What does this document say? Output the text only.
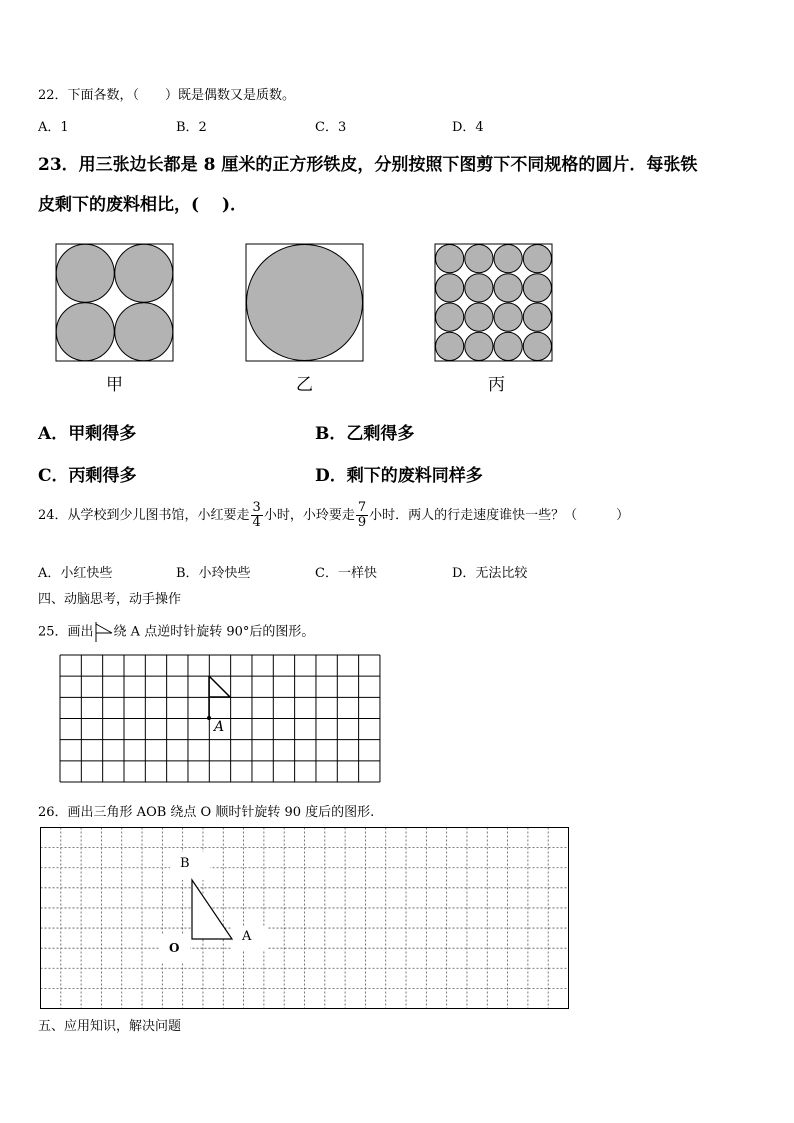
22．下面各数，（　　）既是偶数又是质数。
A．1	B．2	C．3	D．4
23．用三张边长都是 8 厘米的正方形铁皮，分别按照下图剪下不同规格的圆片．每张铁
皮剩下的废料相比，(　 )．
甲	乙	丙
A．甲剩得多	B．乙剩得多
C．丙剩得多	D．剩下的废料同样多
24．从学校到少儿图书馆，小红要走 $\frac{3}{4}$ 小时，小玲要走 $\frac{7}{9}$ 小时．两人的行走速度谁快一些？（　　　）
A．小红快些	B．小玲快些	C．一样快	D．无法比较
四、动脑思考，动手操作
25．画出 绕 A 点逆时针旋转 90°后的图形。
A
26．画出三角形 AOB 绕点 O 顺时针旋转 90 度后的图形.
B
A
O
五、应用知识，解决问题
